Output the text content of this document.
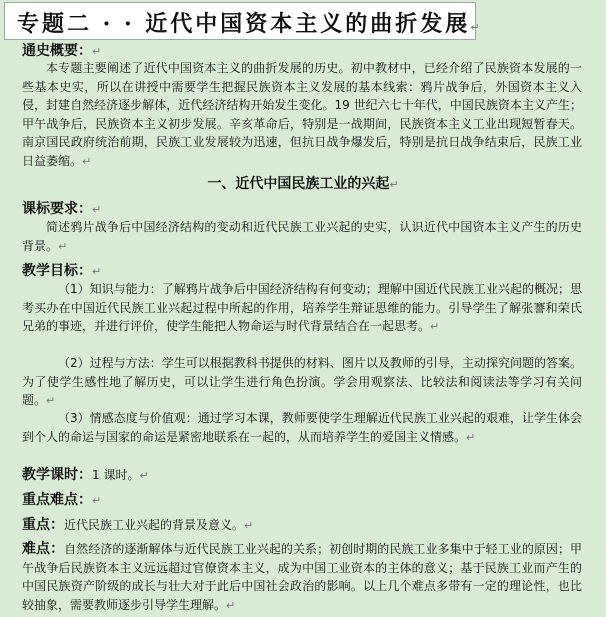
专题二 · · 近代中国资本主义的曲折发展↵
通史概要：↵
本专题主要阐述了近代中国资本主义的曲折发展的历史。初中教材中，已经介绍了民族资本发展的一些基本史实，所以在讲授中需要学生把握民族资本主义发展的基本线索：鸦片战争后，外国资本主义入侵，封建自然经济逐步解体，近代经济结构开始发生变化。19 世纪六七十年代，中国民族资本主义产生；甲午战争后，民族资本主义初步发展。辛亥革命后，特别是一战期间，民族资本主义工业出现短暂春天。南京国民政府统治前期，民族工业发展较为迅速，但抗日战争爆发后，特别是抗日战争结束后，民族工业日益萎缩。↵
一、近代中国民族工业的兴起↵
课标要求：↵
简述鸦片战争后中国经济结构的变动和近代民族工业兴起的史实，认识近代中国资本主义产生的历史背景。↵
教学目标：↵
（1）知识与能力：了解鸦片战争后中国经济结构有何变动；理解中国近代民族工业兴起的概况；思考买办在中国近代民族工业兴起过程中所起的作用，培养学生辩证思维的能力。引导学生了解张謇和荣氏兄弟的事迹，并进行评价，使学生能把人物命运与时代背景结合在一起思考。↵
（2）过程与方法：学生可以根据教科书提供的材料、图片以及教师的引导，主动探究问题的答案。为了使学生感性地了解历史，可以让学生进行角色扮演。学会用观察法、比较法和阅读法等学习有关问题。↵
（3）情感态度与价值观：通过学习本课，教师要使学生理解近代民族工业兴起的艰难，让学生体会到个人的命运与国家的命运是紧密地联系在一起的，从而培养学生的爱国主义情感。↵
教学课时：1 课时。↵
重点难点：↵
重点：近代民族工业兴起的背景及意义。↵
难点：自然经济的逐渐解体与近代民族工业兴起的关系；初创时期的民族工业多集中于轻工业的原因；甲午战争后民族资本主义远远超过官僚资本主义，成为中国工业资本的主体的意义；基于民族工业而产生的中国民族资产阶级的成长与壮大对于此后中国社会政治的影响。以上几个难点多带有一定的理论性，也比较抽象，需要教师逐步引导学生理解。↵
